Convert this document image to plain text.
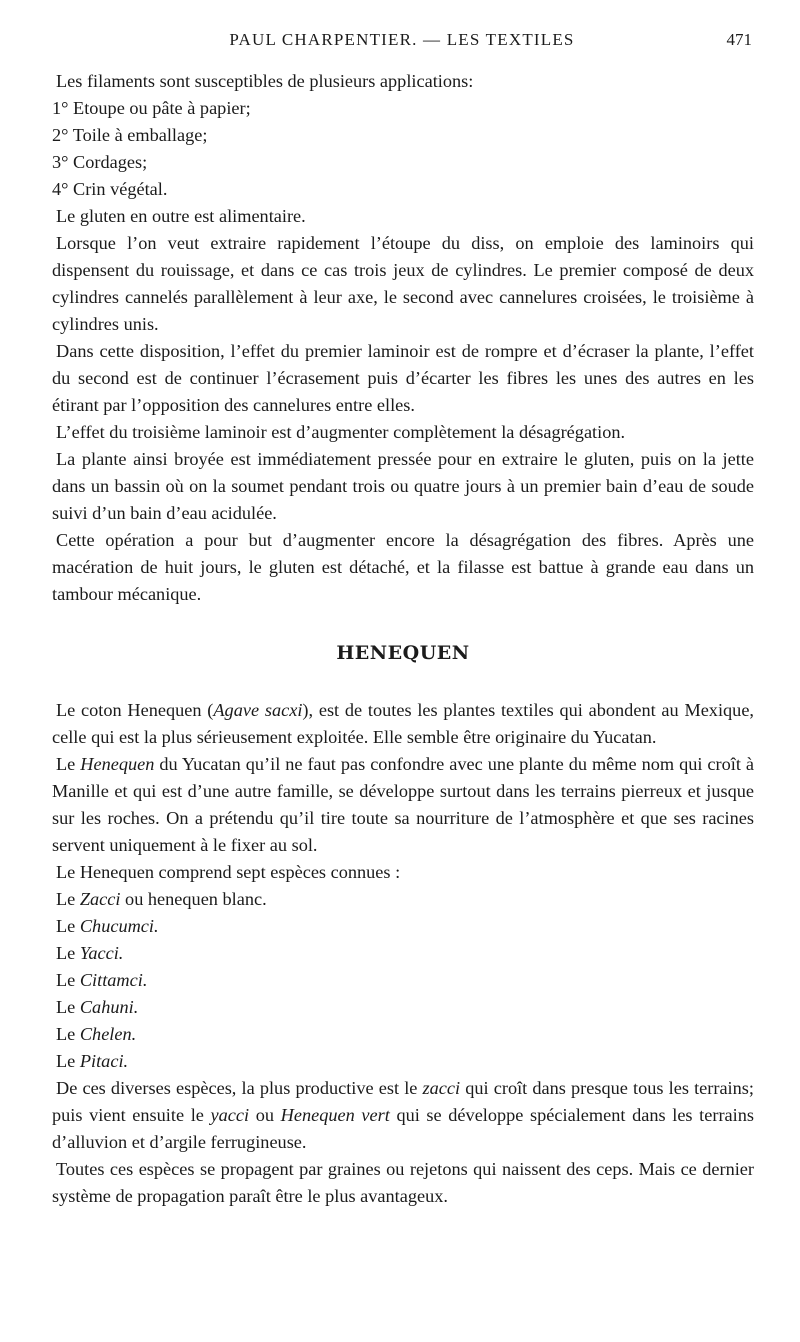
PAUL CHARPENTIER. — LES TEXTILES	471

Les filaments sont susceptibles de plusieurs applications:

1° Etoupe ou pâte à papier;

2° Toile à emballage;

3° Cordages;

4° Crin végétal.

Le gluten en outre est alimentaire.

Lorsque l’on veut extraire rapidement l’étoupe du diss, on emploie des laminoirs qui dispensent du rouissage, et dans ce cas trois jeux de cylindres. Le premier composé de deux cylindres cannelés parallèlement à leur axe, le second avec cannelures croisées, le troisième à cylindres unis.

Dans cette disposition, l’effet du premier laminoir est de rompre et d’écraser la plante, l’effet du second est de continuer l’écrasement puis d’écarter les fibres les unes des autres en les étirant par l’opposition des cannelures entre elles.

L’effet du troisième laminoir est d’augmenter complètement la désagrégation.

La plante ainsi broyée est immédiatement pressée pour en extraire le gluten, puis on la jette dans un bassin où on la soumet pendant trois ou quatre jours à un premier bain d’eau de soude suivi d’un bain d’eau acidulée.

Cette opération a pour but d’augmenter encore la désagrégation des fibres. Après une macération de huit jours, le gluten est détaché, et la filasse est battue à grande eau dans un tambour mécanique.

HENEQUEN

Le coton Henequen (Agave sacxi), est de toutes les plantes textiles qui abondent au Mexique, celle qui est la plus sérieusement exploitée. Elle semble être originaire du Yucatan.

Le Henequen du Yucatan qu’il ne faut pas confondre avec une plante du même nom qui croît à Manille et qui est d’une autre famille, se développe surtout dans les terrains pierreux et jusque sur les roches. On a prétendu qu’il tire toute sa nourriture de l’atmosphère et que ses racines servent uniquement à le fixer au sol.

Le Henequen comprend sept espèces connues :

Le Zacci ou henequen blanc.

Le Chucumci.

Le Yacci.

Le Cittamci.

Le Cahuni.

Le Chelen.

Le Pitaci.

De ces diverses espèces, la plus productive est le zacci qui croît dans presque tous les terrains; puis vient ensuite le yacci ou Henequen vert qui se développe spécialement dans les terrains d’alluvion et d’argile ferrugineuse.

Toutes ces espèces se propagent par graines ou rejetons qui naissent des ceps. Mais ce dernier système de propagation paraît être le plus avantageux.
